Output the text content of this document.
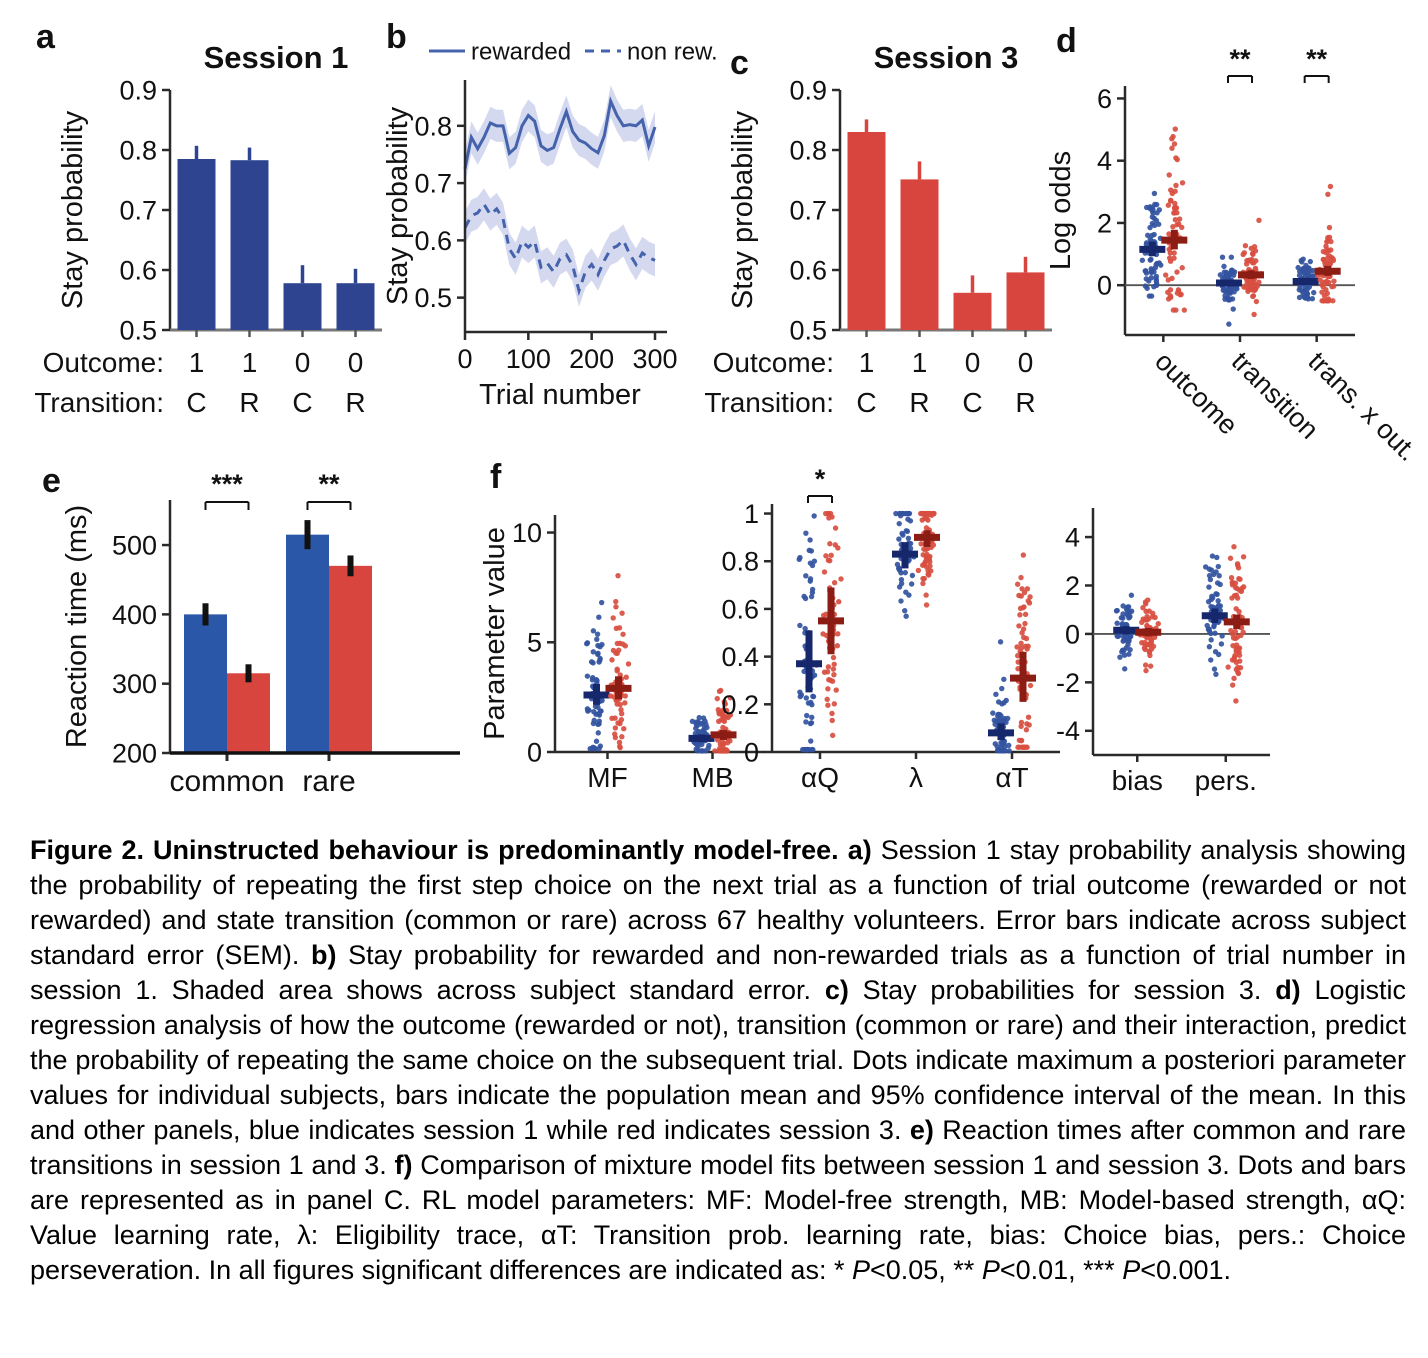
a	b
c
d
e	f
Session 1
0.5
0.6
0.7
0.8
0.9
Stay probability
1
C
1
R
0
C
0
R
Outcome:
Transition:
rewarded non rew.
0.5
0.6
0.7
0.8
Stay probability
0 100 200 300
Trial number
Session 3
0.5
0.6
0.7
0.8
0.9
Stay probability
1
C
1
R
0
C
0
R
Outcome:
Transition:
0
2
4
6
Log odds
outcome
transition
trans. x out.
** **
200
300
400
500
Reaction time (ms)
common rare
***	**
0
5
10
Parameter value
MF MB
0
0.2
0.4
0.6
0.8
1
αQ	λ	αT
*
-4
-2
0
2
4
bias pers.
Figure 2. Uninstructed behaviour is predominantly model-free. a) Session 1 stay probability analysis showing the probability of repeating the first step choice on the next trial as a function of trial outcome (rewarded or not rewarded) and state transition (common or rare) across 67 healthy volunteers. Error bars indicate across subject standard error (SEM). b) Stay probability for rewarded and non-rewarded trials as a function of trial number in session 1. Shaded area shows across subject standard error. c) Stay probabilities for session 3. d) Logistic regression analysis of how the outcome (rewarded or not), transition (common or rare) and their interaction, predict the probability of repeating the same choice on the subsequent trial. Dots indicate maximum a posteriori parameter values for individual subjects, bars indicate the population mean and 95% confidence interval of the mean. In this and other panels, blue indicates session 1 while red indicates session 3. e) Reaction times after common and rare transitions in session 1 and 3. f) Comparison of mixture model fits between session 1 and session 3. Dots and bars are represented as in panel C. RL model parameters: MF: Model-free strength, MB: Model-based strength, αQ: Value learning rate, λ: Eligibility trace, αT: Transition prob. learning rate, bias: Choice bias, pers.: Choice perseveration. In all figures significant differences are indicated as: * P<0.05, ** P<0.01, *** P<0.001.
